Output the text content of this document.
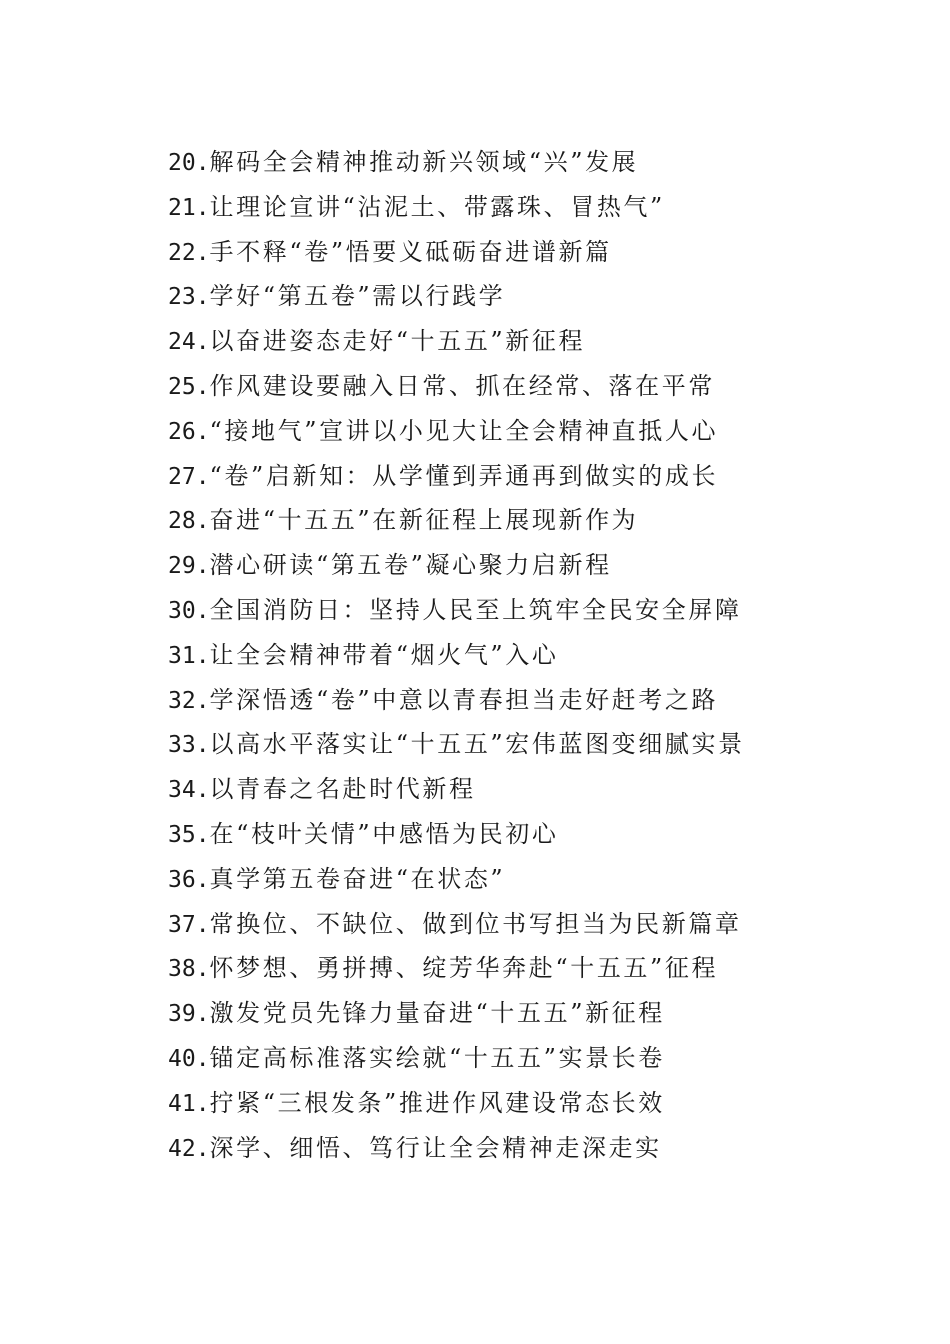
20.解码全会精神推动新兴领域“兴”发展
21.让理论宣讲“沾泥土、带露珠、冒热气”
22.手不释“卷”悟要义砥砺奋进谱新篇
23.学好“第五卷”需以行践学
24.以奋进姿态走好“十五五”新征程
25.作风建设要融入日常、抓在经常、落在平常
26.“接地气”宣讲以小见大让全会精神直抵人心
27.“卷”启新知：从学懂到弄通再到做实的成长
28.奋进“十五五”在新征程上展现新作为
29.潜心研读“第五卷”凝心聚力启新程
30.全国消防日：坚持人民至上筑牢全民安全屏障
31.让全会精神带着“烟火气”入心
32.学深悟透“卷”中意以青春担当走好赶考之路
33.以高水平落实让“十五五”宏伟蓝图变细腻实景
34.以青春之名赴时代新程
35.在“枝叶关情”中感悟为民初心
36.真学第五卷奋进“在状态”
37.常换位、不缺位、做到位书写担当为民新篇章
38.怀梦想、勇拼搏、绽芳华奔赴“十五五”征程
39.激发党员先锋力量奋进“十五五”新征程
40.锚定高标准落实绘就“十五五”实景长卷
41.拧紧“三根发条”推进作风建设常态长效
42.深学、细悟、笃行让全会精神走深走实
